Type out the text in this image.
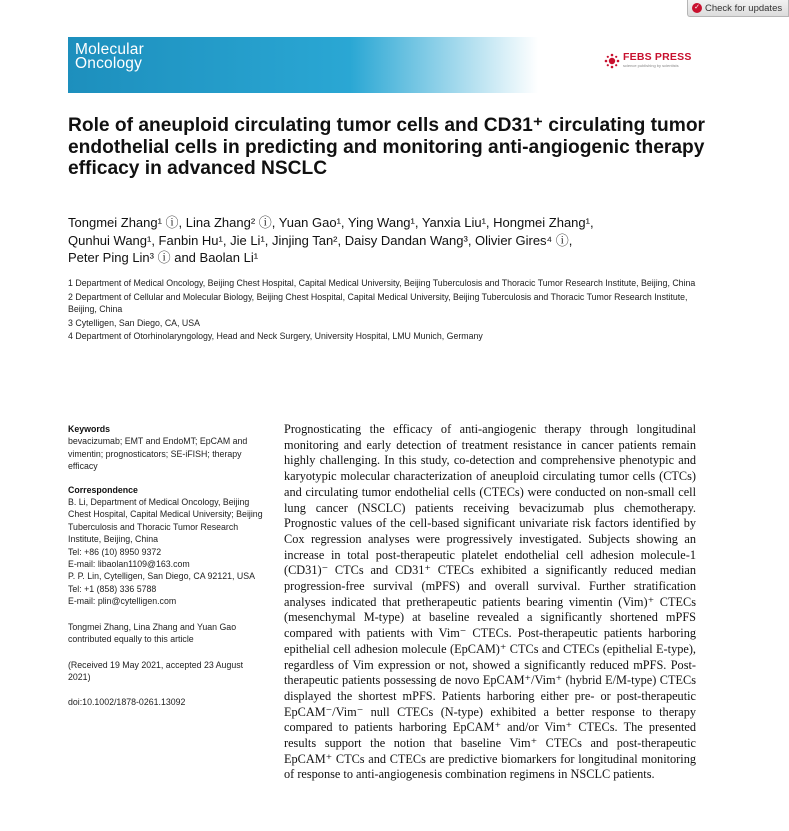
✓ Check for updates
Molecular
Oncology	FEBS PRESS
science publishing by scientists
Role of aneuploid circulating tumor cells and CD31⁺ circulating tumor endothelial cells in predicting and monitoring anti-angiogenic therapy efficacy in advanced NSCLC
Tongmei Zhang¹ ⓘ, Lina Zhang² ⓘ, Yuan Gao¹, Ying Wang¹, Yanxia Liu¹, Hongmei Zhang¹,
Qunhui Wang¹, Fanbin Hu¹, Jie Li¹, Jinjing Tan², Daisy Dandan Wang³, Olivier Gires⁴ ⓘ,
Peter Ping Lin³ ⓘ and Baolan Li¹
1 Department of Medical Oncology, Beijing Chest Hospital, Capital Medical University, Beijing Tuberculosis and Thoracic Tumor Research Institute, Beijing, China
2 Department of Cellular and Molecular Biology, Beijing Chest Hospital, Capital Medical University, Beijing Tuberculosis and Thoracic Tumor Research Institute, Beijing, China
3 Cytelligen, San Diego, CA, USA
4 Department of Otorhinolaryngology, Head and Neck Surgery, University Hospital, LMU Munich, Germany
Keywords

bevacizumab; EMT and EndoMT; EpCAM and vimentin; prognosticators; SE-iFISH; therapy efficacy

Correspondence

B. Li, Department of Medical Oncology, Beijing Chest Hospital, Capital Medical University; Beijing Tuberculosis and Thoracic Tumor Research Institute, Beijing, China

Tel: +86 (10) 8950 9372

E-mail: libaolan1109@163.com

P. P. Lin, Cytelligen, San Diego, CA 92121, USA

Tel: +1 (858) 336 5788

E-mail: plin@cytelligen.com

Tongmei Zhang, Lina Zhang and Yuan Gao contributed equally to this article

(Received 19 May 2021, accepted 23 August 2021)

doi:10.1002/1878-0261.13092

Prognosticating the efficacy of anti-angiogenic therapy through longitudinal monitoring and early detection of treatment resistance in cancer patients remain highly challenging. In this study, co-detection and comprehensive phenotypic and karyotypic molecular characterization of aneuploid circulating tumor cells (CTCs) and circulating tumor endothelial cells (CTECs) were conducted on non-small cell lung cancer (NSCLC) patients receiving bevacizumab plus chemotherapy. Prognostic values of the cell-based significant univariate risk factors identified by Cox regression analyses were progressively investigated. Subjects showing an increase in total post-therapeutic platelet endothelial cell adhesion molecule-1 (CD31)⁻ CTCs and CD31⁺ CTECs exhibited a significantly reduced median progression-free survival (mPFS) and overall survival. Further stratification analyses indicated that pretherapeutic patients bearing vimentin (Vim)⁺ CTECs (mesenchymal M-type) at baseline revealed a significantly shortened mPFS compared with patients with Vim⁻ CTECs. Post-therapeutic patients harboring epithelial cell adhesion molecule (EpCAM)⁺ CTCs and CTECs (epithelial E-type), regardless of Vim expression or not, showed a significantly reduced mPFS. Post-therapeutic patients possessing de novo EpCAM⁺/Vim⁺ (hybrid E/M-type) CTECs displayed the shortest mPFS. Patients harboring either pre- or post-therapeutic EpCAM⁻/Vim⁻ null CTECs (N-type) exhibited a better response to therapy compared to patients harboring EpCAM⁺ and/or Vim⁺ CTECs. The presented results support the notion that baseline Vim⁺ CTECs and post-therapeutic EpCAM⁺ CTCs and CTECs are predictive biomarkers for longitudinal monitoring of response to anti-angiogenesis combination regimens in NSCLC patients.
